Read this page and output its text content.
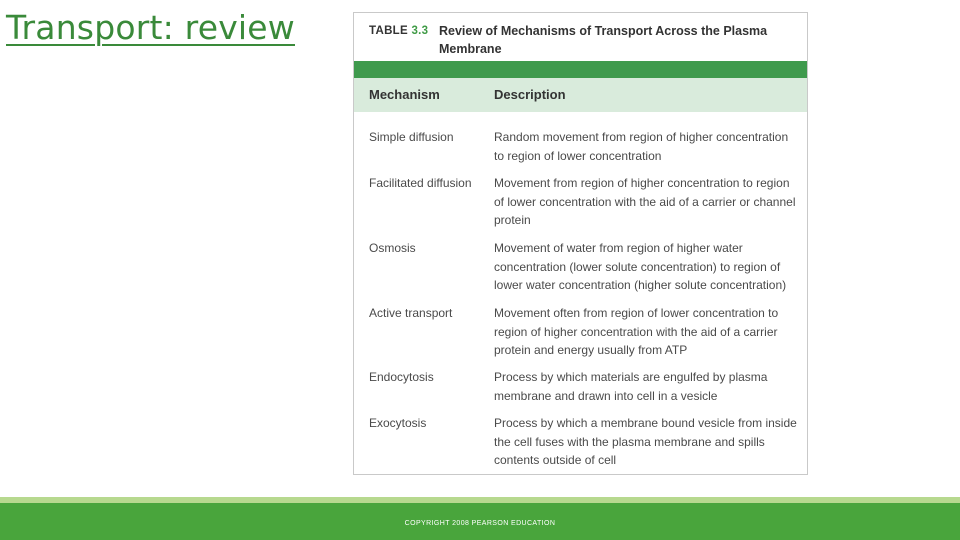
Transport: review	TABLE 3.3 Review of Mechanisms of Transport Across the Plasma Membrane
Mechanism	Description
Simple diffusion	Random movement from region of higher concentration to region of lower concentration
Facilitated diffusion	Movement from region of higher concentration to region of lower concentration with the aid of a carrier or channel protein
Osmosis	Movement of water from region of higher water concentration (lower solute concentration) to region of lower water concentration (higher solute concentration)
Active transport	Movement often from region of lower concentration to region of higher concentration with the aid of a carrier protein and energy usually from ATP
Endocytosis	Process by which materials are engulfed by plasma membrane and drawn into cell in a vesicle
Exocytosis	Process by which a membrane bound vesicle from inside the cell fuses with the plasma membrane and spills contents outside of cell
COPYRIGHT 2008 PEARSON EDUCATION
